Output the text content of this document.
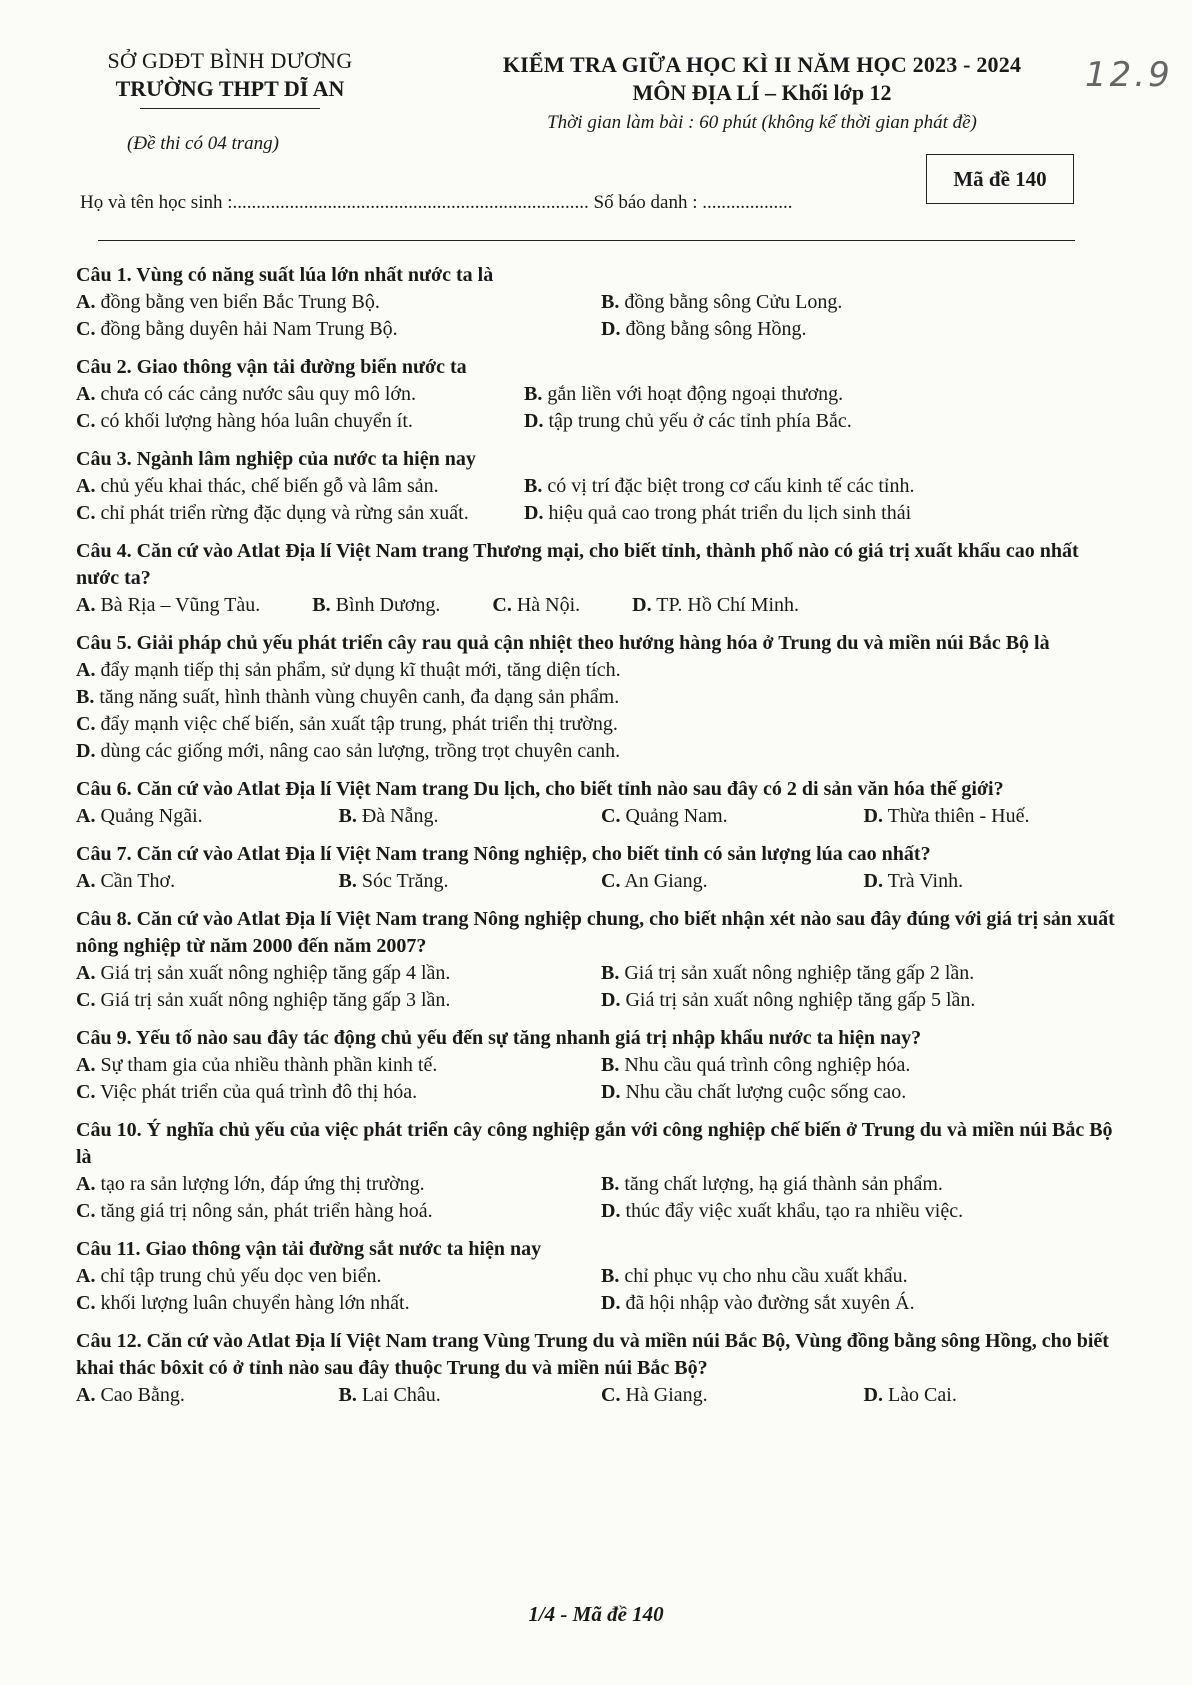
SỞ GDĐT BÌNH DƯƠNG
TRƯỜNG THPT DĨ AN
(Đề thi có 04 trang)
KIỂM TRA GIỮA HỌC KÌ II NĂM HỌC 2023 - 2024
MÔN ĐỊA LÍ – Khối lớp 12
Thời gian làm bài : 60 phút (không kể thời gian phát đề)
12.9
Mã đề 140
Họ và tên học sinh :........................................................................... Số báo danh : ...................
Câu 1. Vùng có năng suất lúa lớn nhất nước ta là
A. đồng bằng ven biển Bắc Trung Bộ.	B. đồng bằng sông Cửu Long.
C. đồng bằng duyên hải Nam Trung Bộ.	D. đồng bằng sông Hồng.
Câu 2. Giao thông vận tải đường biển nước ta
A. chưa có các cảng nước sâu quy mô lớn.	B. gắn liền với hoạt động ngoại thương.
C. có khối lượng hàng hóa luân chuyển ít.	D. tập trung chủ yếu ở các tỉnh phía Bắc.
Câu 3. Ngành lâm nghiệp của nước ta hiện nay
A. chủ yếu khai thác, chế biến gỗ và lâm sản.	B. có vị trí đặc biệt trong cơ cấu kinh tế các tỉnh.
C. chỉ phát triển rừng đặc dụng và rừng sản xuất.	D. hiệu quả cao trong phát triển du lịch sinh thái
Câu 4. Căn cứ vào Atlat Địa lí Việt Nam trang Thương mại, cho biết tỉnh, thành phố nào có giá trị xuất khẩu cao nhất nước ta?
A. Bà Rịa – Vũng Tàu.	B. Bình Dương.	C. Hà Nội.	D. TP. Hồ Chí Minh.
Câu 5. Giải pháp chủ yếu phát triển cây rau quả cận nhiệt theo hướng hàng hóa ở Trung du và miền núi Bắc Bộ là
A. đẩy mạnh tiếp thị sản phẩm, sử dụng kĩ thuật mới, tăng diện tích.
B. tăng năng suất, hình thành vùng chuyên canh, đa dạng sản phẩm.
C. đẩy mạnh việc chế biến, sản xuất tập trung, phát triển thị trường.
D. dùng các giống mới, nâng cao sản lượng, trồng trọt chuyên canh.
Câu 6. Căn cứ vào Atlat Địa lí Việt Nam trang Du lịch, cho biết tỉnh nào sau đây có 2 di sản văn hóa thế giới?
A. Quảng Ngãi.	B. Đà Nẵng.	C. Quảng Nam.	D. Thừa thiên - Huế.
Câu 7. Căn cứ vào Atlat Địa lí Việt Nam trang Nông nghiệp, cho biết tỉnh có sản lượng lúa cao nhất?
A. Cần Thơ.	B. Sóc Trăng.	C. An Giang.	D. Trà Vinh.
Câu 8. Căn cứ vào Atlat Địa lí Việt Nam trang Nông nghiệp chung, cho biết nhận xét nào sau đây đúng với giá trị sản xuất nông nghiệp từ năm 2000 đến năm 2007?
A. Giá trị sản xuất nông nghiệp tăng gấp 4 lần.	B. Giá trị sản xuất nông nghiệp tăng gấp 2 lần.
C. Giá trị sản xuất nông nghiệp tăng gấp 3 lần.	D. Giá trị sản xuất nông nghiệp tăng gấp 5 lần.
Câu 9. Yếu tố nào sau đây tác động chủ yếu đến sự tăng nhanh giá trị nhập khẩu nước ta hiện nay?
A. Sự tham gia của nhiều thành phần kinh tế.	B. Nhu cầu quá trình công nghiệp hóa.
C. Việc phát triển của quá trình đô thị hóa.	D. Nhu cầu chất lượng cuộc sống cao.
Câu 10. Ý nghĩa chủ yếu của việc phát triển cây công nghiệp gắn với công nghiệp chế biến ở Trung du và miền núi Bắc Bộ là
A. tạo ra sản lượng lớn, đáp ứng thị trường.	B. tăng chất lượng, hạ giá thành sản phẩm.
C. tăng giá trị nông sản, phát triển hàng hoá.	D. thúc đẩy việc xuất khẩu, tạo ra nhiều việc.
Câu 11. Giao thông vận tải đường sắt nước ta hiện nay
A. chỉ tập trung chủ yếu dọc ven biển.	B. chỉ phục vụ cho nhu cầu xuất khẩu.
C. khối lượng luân chuyển hàng lớn nhất.	D. đã hội nhập vào đường sắt xuyên Á.
Câu 12. Căn cứ vào Atlat Địa lí Việt Nam trang Vùng Trung du và miền núi Bắc Bộ, Vùng đồng bằng sông Hồng, cho biết khai thác bôxit có ở tỉnh nào sau đây thuộc Trung du và miền núi Bắc Bộ?
A. Cao Bằng.	B. Lai Châu.	C. Hà Giang.	D. Lào Cai.
1/4 - Mã đề 140
